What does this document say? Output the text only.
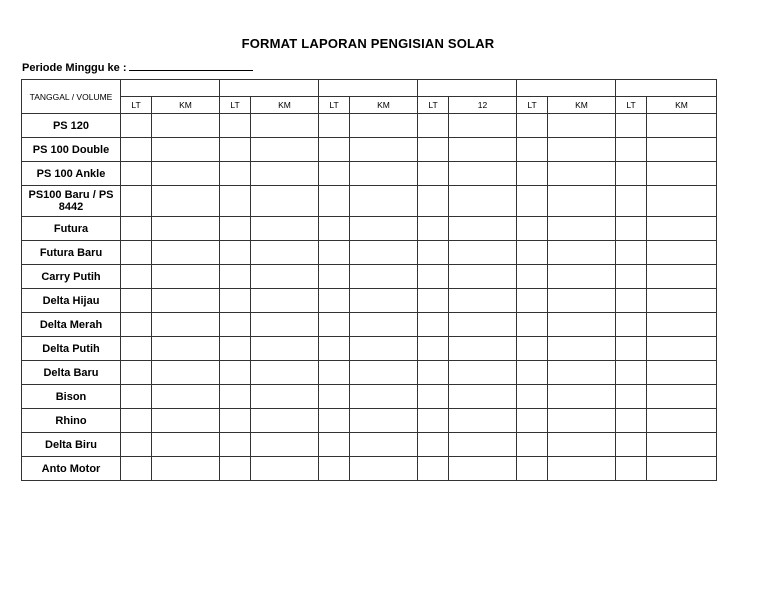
FORMAT LAPORAN PENGISIAN SOLAR
Periode Minggu ke :
TANGGAL / VOLUME												
	LT	KM	LT	KM	LT	KM	LT	12	LT	KM	LT	KM
PS 120												
PS 100 Double												
PS 100 Ankle												
PS100 Baru / PS 8442												
Futura												
Futura Baru												
Carry Putih												
Delta Hijau												
Delta Merah												
Delta Putih												
Delta Baru												
Bison												
Rhino												
Delta Biru												
Anto Motor												
